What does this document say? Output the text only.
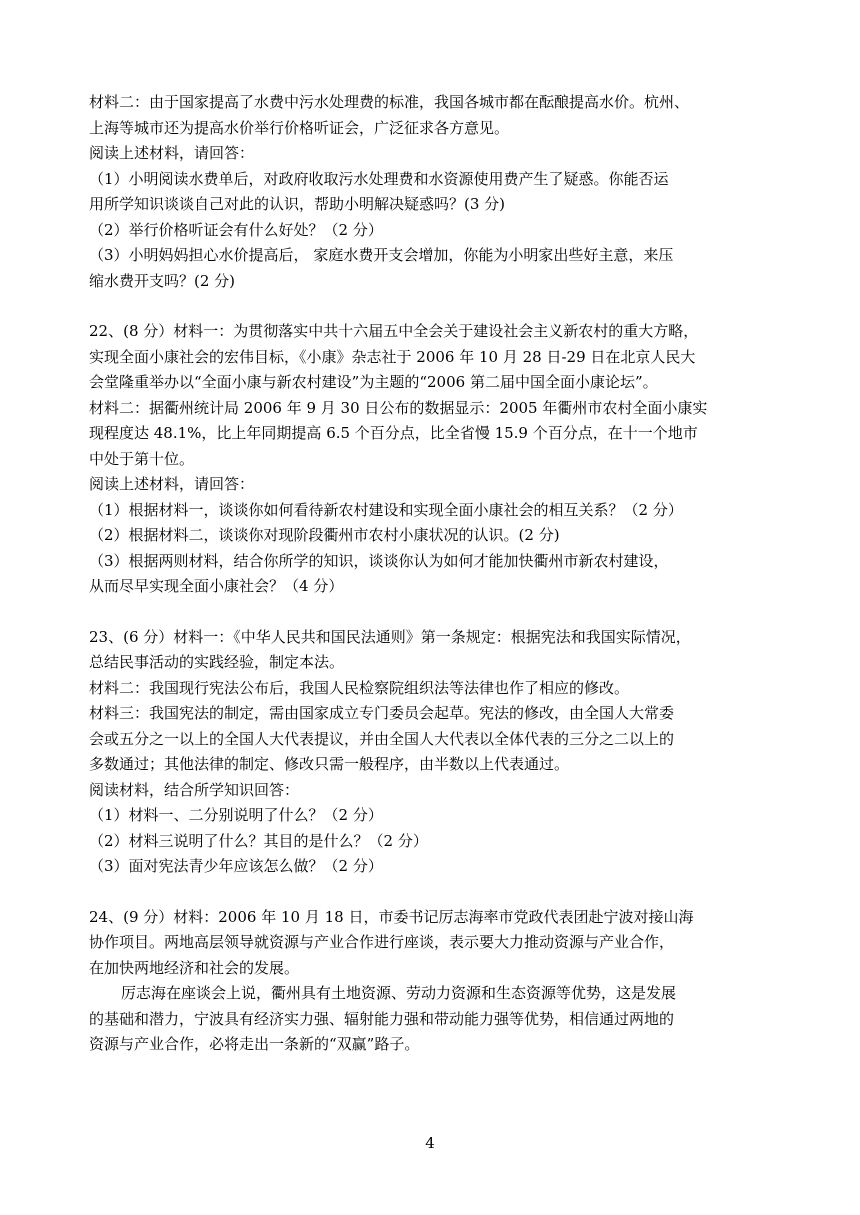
材料二：由于国家提高了水费中污水处理费的标准，我国各城市都在酝酿提高水价。杭州、
上海等城市还为提高水价举行价格听证会，广泛征求各方意见。
阅读上述材料，请回答：
（1）小明阅读水费单后，对政府收取污水处理费和水资源使用费产生了疑惑。你能否运
用所学知识谈谈自己对此的认识，帮助小明解决疑惑吗？(3 分)
（2）举行价格听证会有什么好处？（2 分）
（3）小明妈妈担心水价提高后， 家庭水费开支会增加，你能为小明家出些好主意，来压
缩水费开支吗？(2 分)
22、(8 分）材料一：为贯彻落实中共十六届五中全会关于建设社会主义新农村的重大方略，
实现全面小康社会的宏伟目标，《小康》杂志社于 2006 年 10 月 28 日-29 日在北京人民大
会堂隆重举办以“全面小康与新农村建设”为主题的“2006 第二届中国全面小康论坛”。
材料二：据衢州统计局 2006 年 9 月 30 日公布的数据显示：2005 年衢州市农村全面小康实
现程度达 48.1%，比上年同期提高 6.5 个百分点，比全省慢 15.9 个百分点，在十一个地市
中处于第十位。
阅读上述材料，请回答：
（1）根据材料一，谈谈你如何看待新农村建设和实现全面小康社会的相互关系？（2 分）
（2）根据材料二，谈谈你对现阶段衢州市农村小康状况的认识。(2 分)
（3）根据两则材料，结合你所学的知识，谈谈你认为如何才能加快衢州市新农村建设，
从而尽早实现全面小康社会？（4 分）
23、(6 分）材料一：《中华人民共和国民法通则》第一条规定：根据宪法和我国实际情况，
总结民事活动的实践经验，制定本法。
材料二：我国现行宪法公布后，我国人民检察院组织法等法律也作了相应的修改。
材料三：我国宪法的制定，需由国家成立专门委员会起草。宪法的修改，由全国人大常委
会或五分之一以上的全国人大代表提议，并由全国人大代表以全体代表的三分之二以上的
多数通过；其他法律的制定、修改只需一般程序，由半数以上代表通过。
阅读材料，结合所学知识回答：
（1）材料一、二分别说明了什么？（2 分）
（2）材料三说明了什么？其目的是什么？（2 分）
（3）面对宪法青少年应该怎么做？（2 分）
24、(9 分）材料：2006 年 10 月 18 日，市委书记厉志海率市党政代表团赴宁波对接山海
协作项目。两地高层领导就资源与产业合作进行座谈，表示要大力推动资源与产业合作，
在加快两地经济和社会的发展。
厉志海在座谈会上说，衢州具有土地资源、劳动力资源和生态资源等优势，这是发展
的基础和潜力，宁波具有经济实力强、辐射能力强和带动能力强等优势，相信通过两地的
资源与产业合作，必将走出一条新的“双赢”路子。
4
